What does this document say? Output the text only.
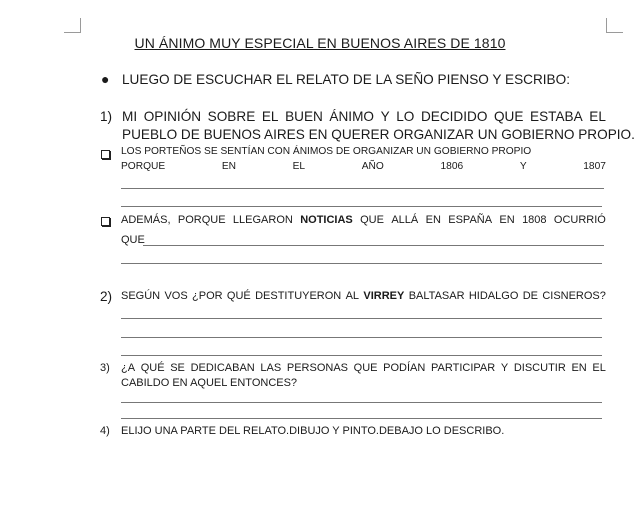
UN ÁNIMO MUY ESPECIAL EN BUENOS AIRES DE 1810
● LUEGO DE ESCUCHAR EL RELATO DE LA SEÑO PIENSO Y ESCRIBO:
1) MI OPINIÓN SOBRE EL BUEN ÁNIMO Y LO DECIDIDO QUE ESTABA EL
PUEBLO DE BUENOS AIRES EN QUERER ORGANIZAR UN GOBIERNO PROPIO.
LOS PORTEÑOS SE SENTÍAN CON ÁNIMOS DE ORGANIZAR UN GOBIERNO PROPIO
PORQUE	EN	EL	AÑO	1806	Y	1807
ADEMÁS, PORQUE LLEGARON NOTICIAS QUE ALLÁ EN ESPAÑA EN 1808 OCURRIÓ
QUE
2) SEGÚN VOS ¿POR QUÉ DESTITUYERON AL VIRREY BALTASAR HIDALGO DE CISNEROS?
3) ¿A QUÉ SE DEDICABAN LAS PERSONAS QUE PODÍAN PARTICIPAR Y DISCUTIR EN EL
CABILDO EN AQUEL ENTONCES?
4) ELIJO UNA PARTE DEL RELATO.DIBUJO Y PINTO.DEBAJO LO DESCRIBO.
